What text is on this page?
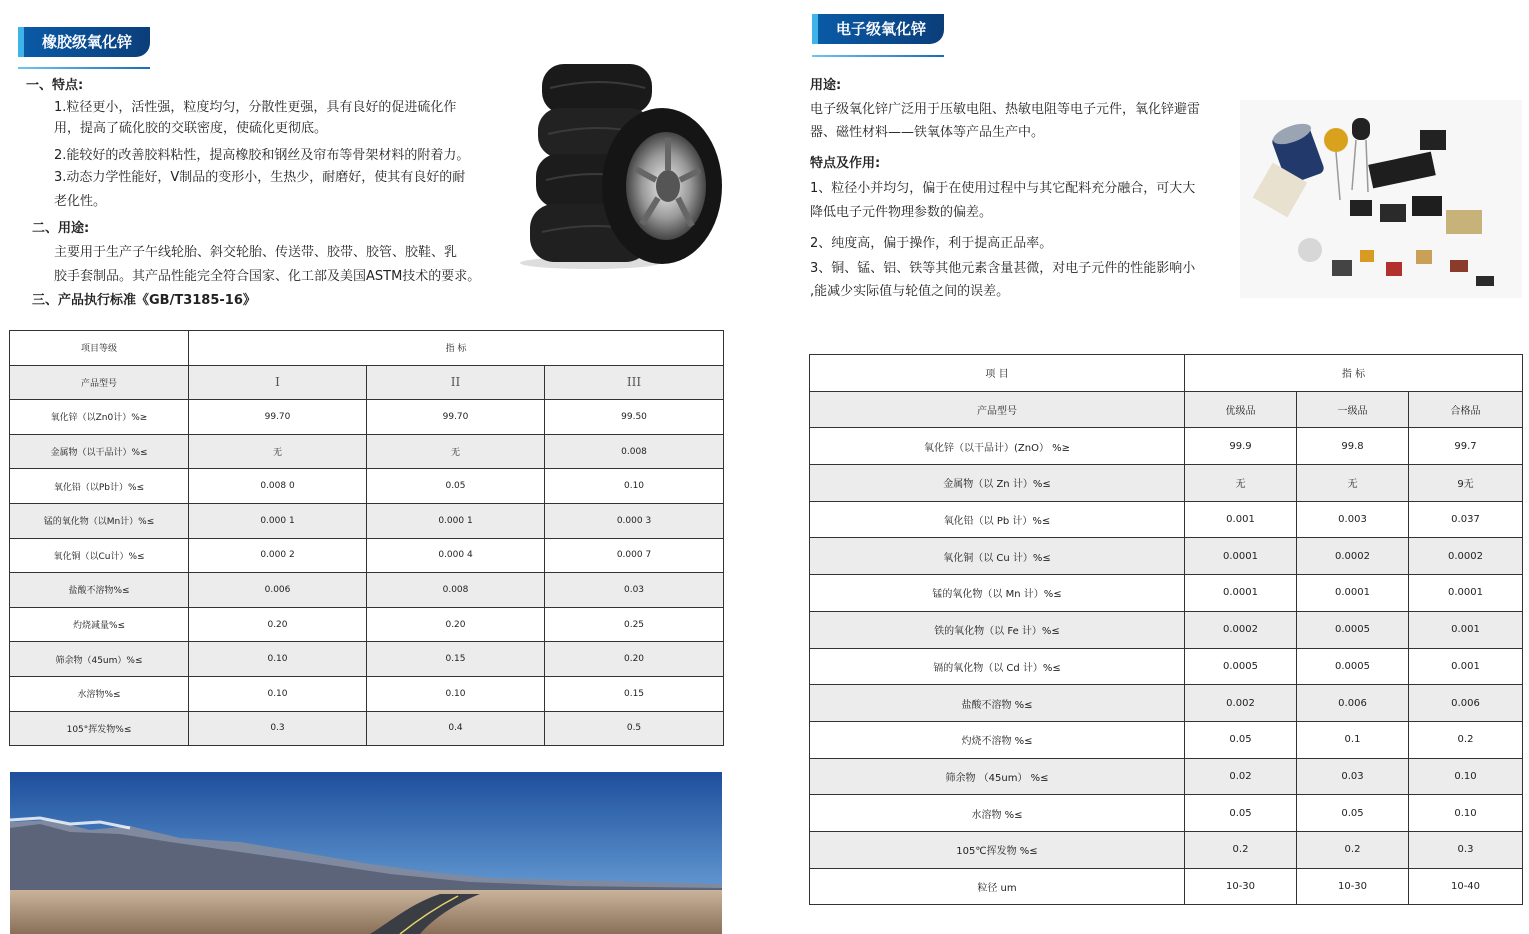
橡胶级氧化锌
一、特点:
1.粒径更小，活性强，粒度均匀，分散性更强，具有良好的促进硫化作
用，提高了硫化胶的交联密度，使硫化更彻底。
2.能较好的改善胶料粘性，提高橡胶和钢丝及帘布等骨架材料的附着力。
3.动态力学性能好，V制品的变形小，生热少，耐磨好，使其有良好的耐
老化性。
二、用途:
主要用于生产子午线轮胎、斜交轮胎、传送带、胶带、胶管、胶鞋、乳
胶手套制品。其产品性能完全符合国家、化工部及美国ASTM技术的要求。
三、产品执行标准《GB/T3185-16》
项目等级	指 标		
产品型号	I	II	III
氧化锌（以Zn0计）%≥	99.70	99.70	99.50
金属物（以干品计）%≤	无	无	0.008
氧化铅（以Pb计）%≤	0.008 0	0.05	0.10
锰的氧化物（以Mn计）%≤	0.000 1	0.000 1	0.000 3
氧化铜（以Cu计）%≤	0.000 2	0.000 4	0.000 7
盐酸不溶物%≤	0.006	0.008	0.03
灼烧减量%≤	0.20	0.20	0.25
筛余物（45um）%≤	0.10	0.15	0.20
水溶物%≤	0.10	0.10	0.15
105°挥发物%≤	0.3	0.4	0.5
电子级氧化锌
用途:
电子级氧化锌广泛用于压敏电阻、热敏电阻等电子元件，氧化锌避雷
器、磁性材料——铁氧体等产品生产中。
特点及作用:
1、粒径小并均匀，偏于在使用过程中与其它配料充分融合，可大大
降低电子元件物理参数的偏差。
2、纯度高，偏于操作，利于提高正品率。
3、铜、锰、铝、铁等其他元素含量甚微，对电子元件的性能影响小
,能减少实际值与轮值之间的误差。
项 目	指 标		
产品型号	优级品	一级品	合格品
氧化锌（以干品计）(ZnO） %≥	99.9	99.8	99.7
金属物（以 Zn 计）%≤	无	无	9无
氧化铅（以 Pb 计）%≤	0.001	0.003	0.037
氧化铜（以 Cu 计）%≤	0.0001	0.0002	0.0002
锰的氧化物（以 Mn 计）%≤	0.0001	0.0001	0.0001
铁的氧化物（以 Fe 计）%≤	0.0002	0.0005	0.001
镉的氧化物（以 Cd 计）%≤	0.0005	0.0005	0.001
盐酸不溶物 %≤	0.002	0.006	0.006
灼烧不溶物 %≤	0.05	0.1	0.2
筛余物 （45um） %≤	0.02	0.03	0.10
水溶物 %≤	0.05	0.05	0.10
105℃挥发物 %≤	0.2	0.2	0.3
粒径 um	10-30	10-30	10-40
